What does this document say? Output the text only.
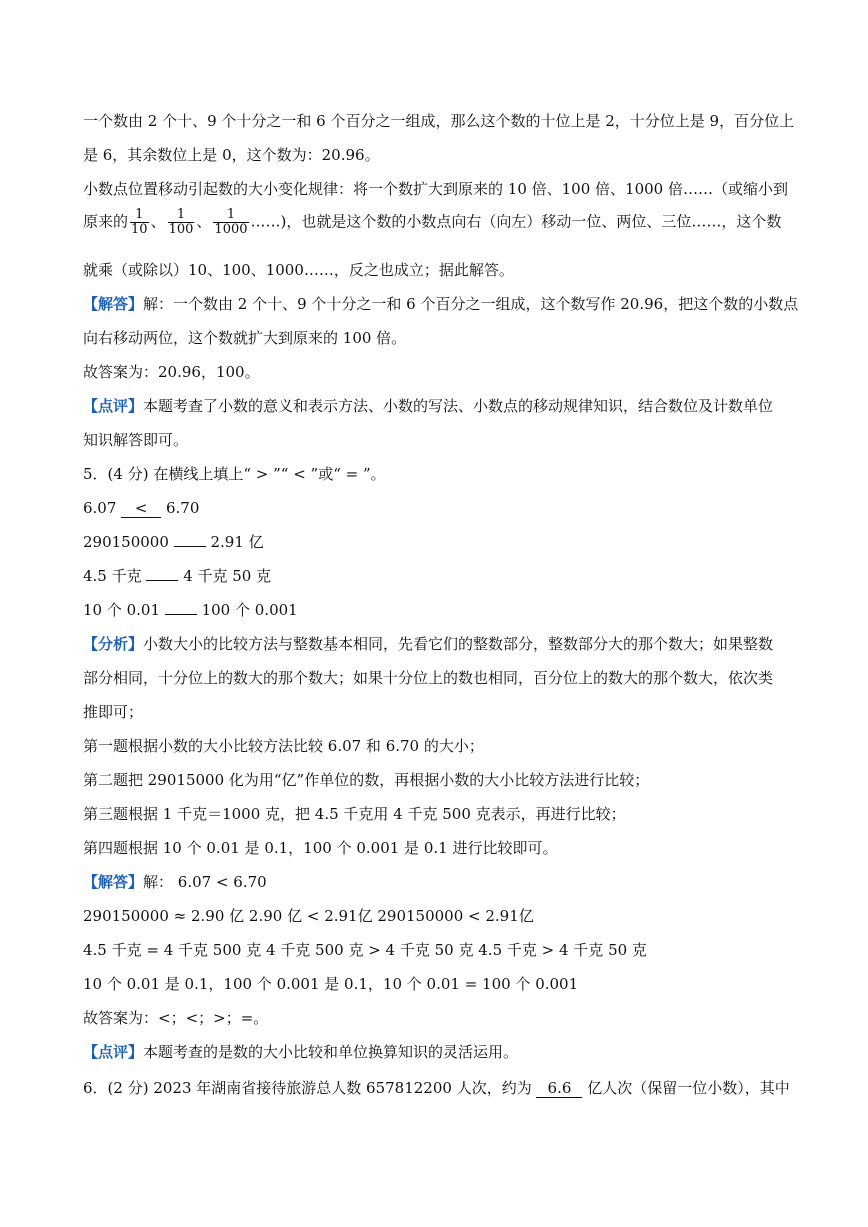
一个数由 2 个十、9 个十分之一和 6 个百分之一组成，那么这个数的十位上是 2，十分位上是 9，百分位上
是 6，其余数位上是 0，这个数为：20.96。
小数点位置移动引起数的大小变化规律：将一个数扩大到原来的 10 倍、100 倍、1000 倍……（或缩小到
原来的 $\frac{1}{10}$ 、 $\frac{1}{100}$ 、 $\frac{1}{1000}$ ……)，也就是这个数的小数点向右（向左）移动一位、两位、三位……，这个数
就乘（或除以）10、100、1000……，反之也成立；据此解答。
【解答】解：一个数由 2 个十、9 个十分之一和 6 个百分之一组成，这个数写作 20.96，把这个数的小数点
向右移动两位，这个数就扩大到原来的 100 倍。
故答案为：20.96，100。
【点评】本题考查了小数的意义和表示方法、小数的写法、小数点的移动规律知识，结合数位及计数单位
知识解答即可。
5．(4 分) 在横线上填上“ > ”“ < ”或“ = ”。
6.07 < 6.70
290150000	2.91 亿
4.5 千克	4 千克 50 克
10 个 0.01	100 个 0.001
【分析】小数大小的比较方法与整数基本相同，先看它们的整数部分，整数部分大的那个数大；如果整数
部分相同，十分位上的数大的那个数大；如果十分位上的数也相同，百分位上的数大的那个数大，依次类
推即可；
第一题根据小数的大小比较方法比较 6.07 和 6.70 的大小；
第二题把 29015000 化为用“亿”作单位的数，再根据小数的大小比较方法进行比较；
第三题根据 1 千克＝1000 克，把 4.5 千克用 4 千克 500 克表示，再进行比较；
第四题根据 10 个 0.01 是 0.1，100 个 0.001 是 0.1 进行比较即可。
【解答】解： 6.07 < 6.70
290150000 ≈ 2.90 亿 2.90 亿 < 2.91亿 290150000 < 2.91亿
4.5 千克 = 4 千克 500 克 4 千克 500 克 > 4 千克 50 克 4.5 千克 > 4 千克 50 克
10 个 0.01 是 0.1，100 个 0.001 是 0.1，10 个 0.01 = 100 个 0.001
故答案为：<；<；>；=。
【点评】本题考查的是数的大小比较和单位换算知识的灵活运用。
6．(2 分) 2023 年湖南省接待旅游总人数 657812200 人次，约为 6.6 亿人次（保留一位小数），其中
